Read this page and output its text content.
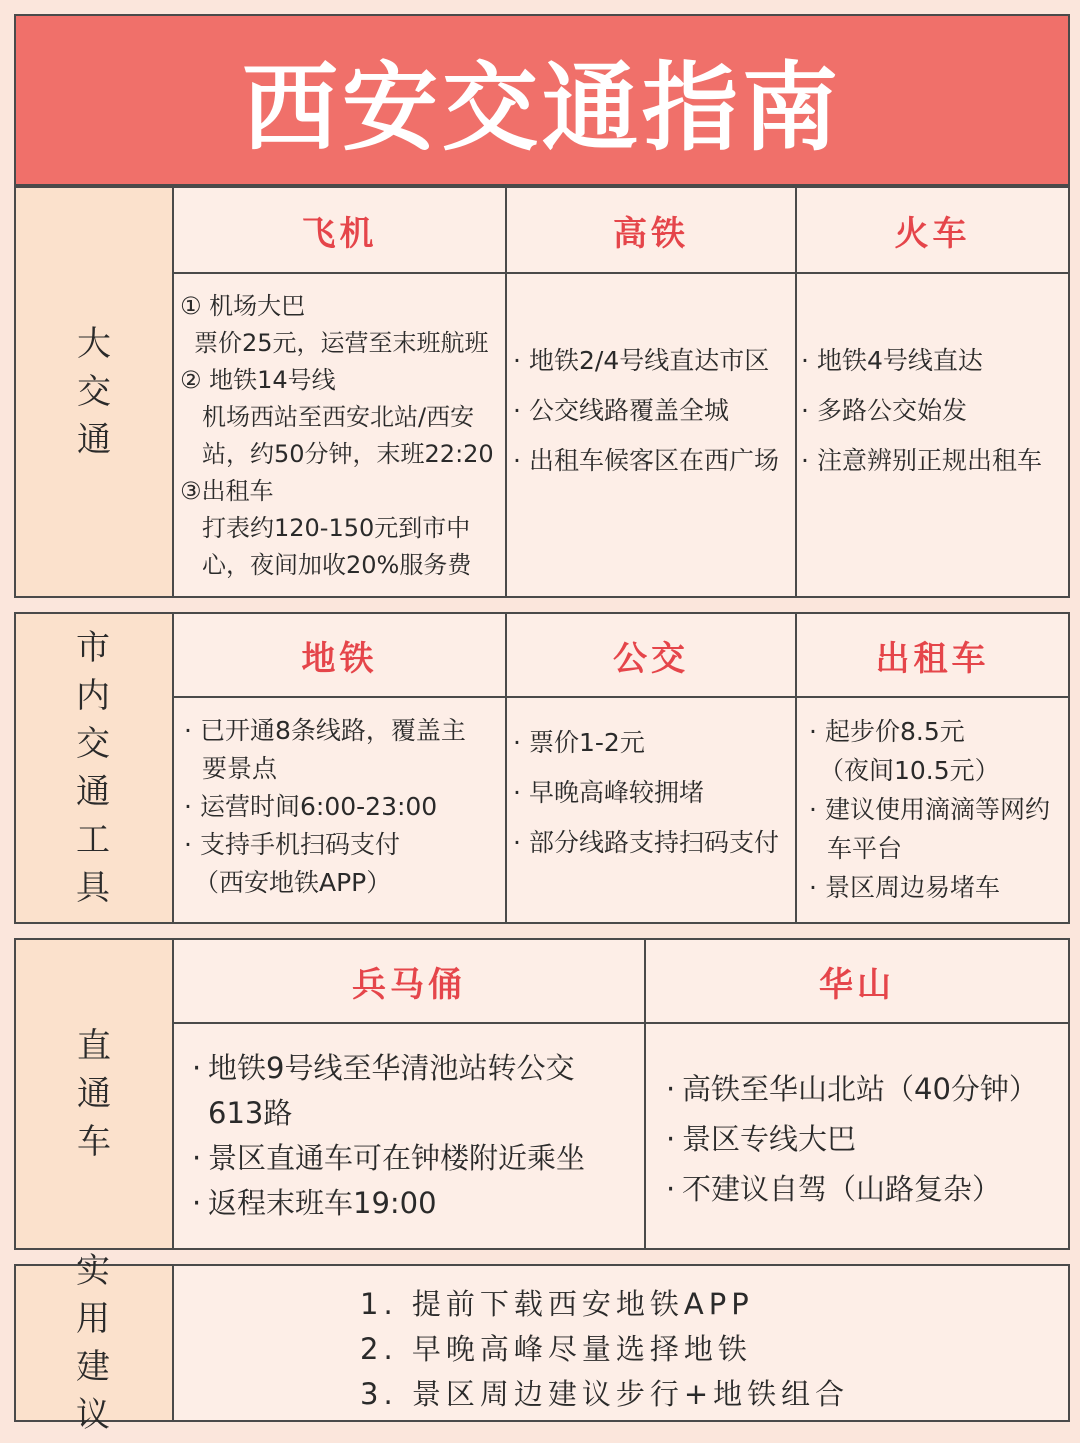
西安交通指南
大交通
飞机
① 机场大巴
票价25元，运营至末班航班
② 地铁14号线
机场西站至西安北站/西安
站，约50分钟，末班22:20
③出租车
打表约120-150元到市中
心，夜间加收20%服务费
高铁
· 地铁2/4号线直达市区
· 公交线路覆盖全城
· 出租车候客区在西广场
火车
· 地铁4号线直达
· 多路公交始发
· 注意辨别正规出租车
市内交通工具
地铁
· 已开通8条线路，覆盖主
要景点
· 运营时间6:00-23:00
· 支持手机扫码支付
（西安地铁APP）
公交
· 票价1-2元
· 早晚高峰较拥堵
· 部分线路支持扫码支付
出租车
· 起步价8.5元
（夜间10.5元）
· 建议使用滴滴等网约
车平台
· 景区周边易堵车
直通车
兵马俑
· 地铁9号线至华清池站转公交
613路
· 景区直通车可在钟楼附近乘坐
· 返程末班车19:00
华山
· 高铁至华山北站（40分钟）
· 景区专线大巴
· 不建议自驾（山路复杂）
实用建议
1. 提前下载西安地铁APP
2. 早晚高峰尽量选择地铁
3. 景区周边建议步行+地铁组合
